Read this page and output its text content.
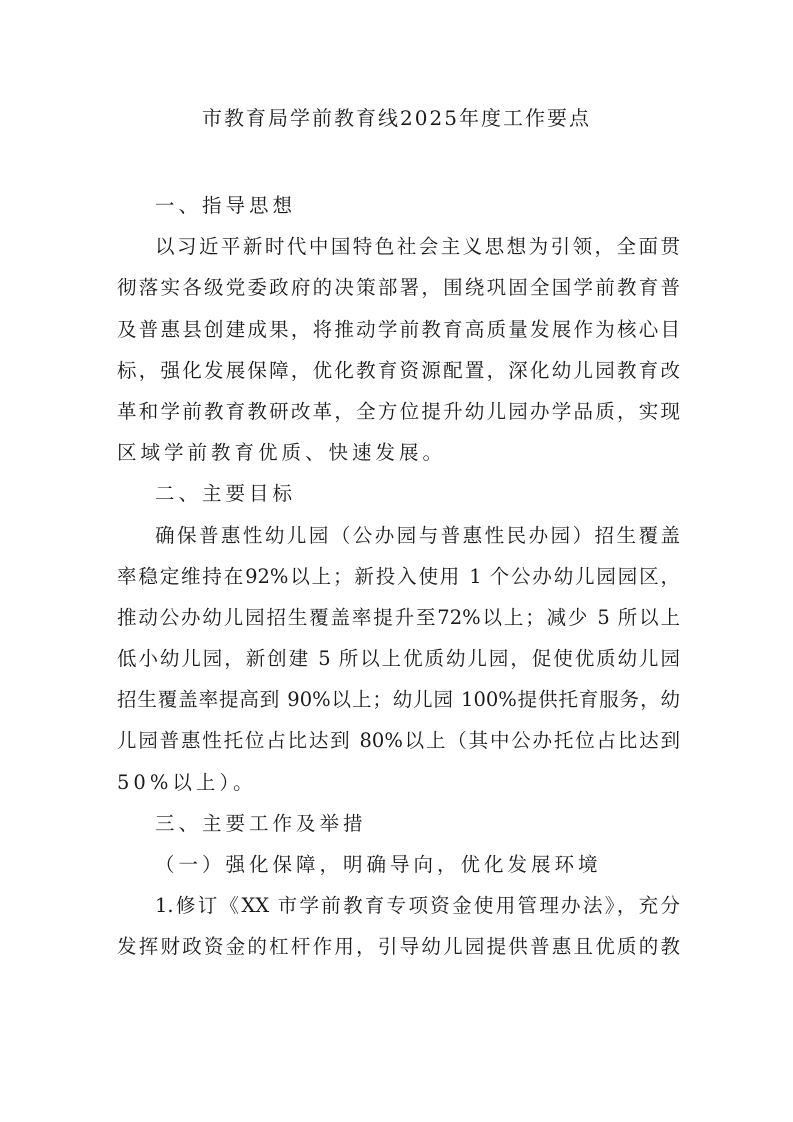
市教育局学前教育线2025年度工作要点
一、指导思想
以习近平新时代中国特色社会主义思想为引领，全面贯
彻落实各级党委政府的决策部署，围绕巩固全国学前教育普
及普惠县创建成果，将推动学前教育高质量发展作为核心目
标，强化发展保障，优化教育资源配置，深化幼儿园教育改
革和学前教育教研改革，全方位提升幼儿园办学品质，实现
区域学前教育优质、快速发展。
二、主要目标
确保普惠性幼儿园（公办园与普惠性民办园）招生覆盖
率稳定维持在92%以上；新投入使用 1 个公办幼儿园园区，
推动公办幼儿园招生覆盖率提升至72%以上；减少 5 所以上
低小幼儿园，新创建 5 所以上优质幼儿园，促使优质幼儿园
招生覆盖率提高到 90%以上；幼儿园 100%提供托育服务，幼
儿园普惠性托位占比达到 80%以上（其中公办托位占比达到
50%以上）。
三、主要工作及举措
（一）强化保障，明确导向，优化发展环境
1.修订《XX 市学前教育专项资金使用管理办法》，充分
发挥财政资金的杠杆作用，引导幼儿园提供普惠且优质的教
